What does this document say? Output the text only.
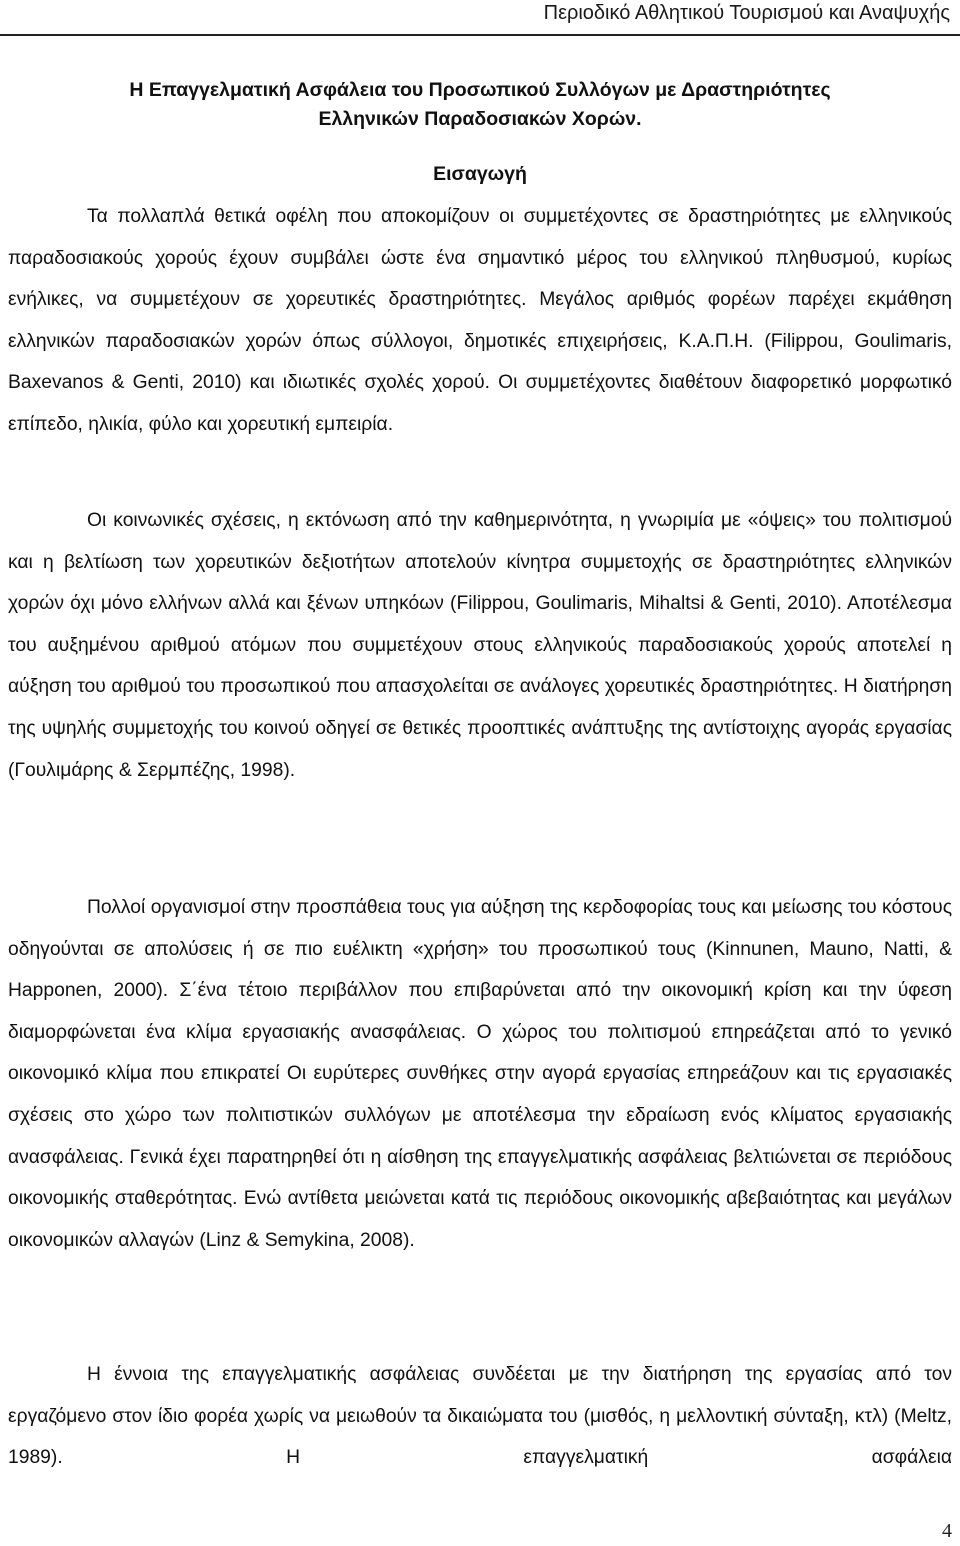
Περιοδικό Αθλητικού Τουρισμού και Αναψυχής
Η Επαγγελματική Ασφάλεια του Προσωπικού Συλλόγων με Δραστηριότητες
Ελληνικών Παραδοσιακών Χορών.
Εισαγωγή

Τα πολλαπλά θετικά οφέλη που αποκομίζουν οι συμμετέχοντες σε δραστηριότητες με ελληνικούς παραδοσιακούς χορούς έχουν συμβάλει ώστε ένα σημαντικό μέρος του ελληνικού πληθυσμού, κυρίως ενήλικες, να συμμετέχουν σε χορευτικές δραστηριότητες. Μεγάλος αριθμός φορέων παρέχει εκμάθηση ελληνικών παραδοσιακών χορών όπως σύλλογοι, δημοτικές επιχειρήσεις, Κ.Α.Π.Η. (Filippou, Goulimaris, Baxevanos & Genti, 2010) και ιδιωτικές σχολές χορού. Οι συμμετέχοντες διαθέτουν διαφορετικό μορφωτικό επίπεδο, ηλικία, φύλο και χορευτική εμπειρία.

Οι κοινωνικές σχέσεις, η εκτόνωση από την καθημερινότητα, η γνωριμία με «όψεις» του πολιτισμού και η βελτίωση των χορευτικών δεξιοτήτων αποτελούν κίνητρα συμμετοχής σε δραστηριότητες ελληνικών χορών όχι μόνο ελλήνων αλλά και ξένων υπηκόων (Filippou, Goulimaris, Mihaltsi & Genti, 2010). Αποτέλεσμα του αυξημένου αριθμού ατόμων που συμμετέχουν στους ελληνικούς παραδοσιακούς χορούς αποτελεί η αύξηση του αριθμού του προσωπικού που απασχολείται σε ανάλογες χορευτικές δραστηριότητες. Η διατήρηση της υψηλής συμμετοχής του κοινού οδηγεί σε θετικές προοπτικές ανάπτυξης της αντίστοιχης αγοράς εργασίας (Γουλιμάρης & Σερμπέζης, 1998).

Πολλοί οργανισμοί στην προσπάθεια τους για αύξηση της κερδοφορίας τους και μείωσης του κόστους οδηγούνται σε απολύσεις ή σε πιο ευέλικτη «χρήση» του προσωπικού τους (Kinnunen, Mauno, Natti, & Happonen, 2000). Σ΄ένα τέτοιο περιβάλλον που επιβαρύνεται από την οικονομική κρίση και την ύφεση διαμορφώνεται ένα κλίμα εργασιακής ανασφάλειας. Ο χώρος του πολιτισμού επηρεάζεται από το γενικό οικονομικό κλίμα που επικρατεί Οι ευρύτερες συνθήκες στην αγορά εργασίας επηρεάζουν και τις εργασιακές σχέσεις στο χώρο των πολιτιστικών συλλόγων με αποτέλεσμα την εδραίωση ενός κλίματος εργασιακής ανασφάλειας. Γενικά έχει παρατηρηθεί ότι η αίσθηση της επαγγελματικής ασφάλειας βελτιώνεται σε περιόδους οικονομικής σταθερότητας. Ενώ αντίθετα μειώνεται κατά τις περιόδους οικονομικής αβεβαιότητας και μεγάλων οικονομικών αλλαγών (Linz & Semykina, 2008).

Η έννοια της επαγγελματικής ασφάλειας συνδέεται με την διατήρηση της εργασίας από τον εργαζόμενο στον ίδιο φορέα χωρίς να μειωθούν τα δικαιώματα του (μισθός, η μελλοντική σύνταξη, κτλ) (Meltz, 1989). Η επαγγελματική ασφάλεια

4
